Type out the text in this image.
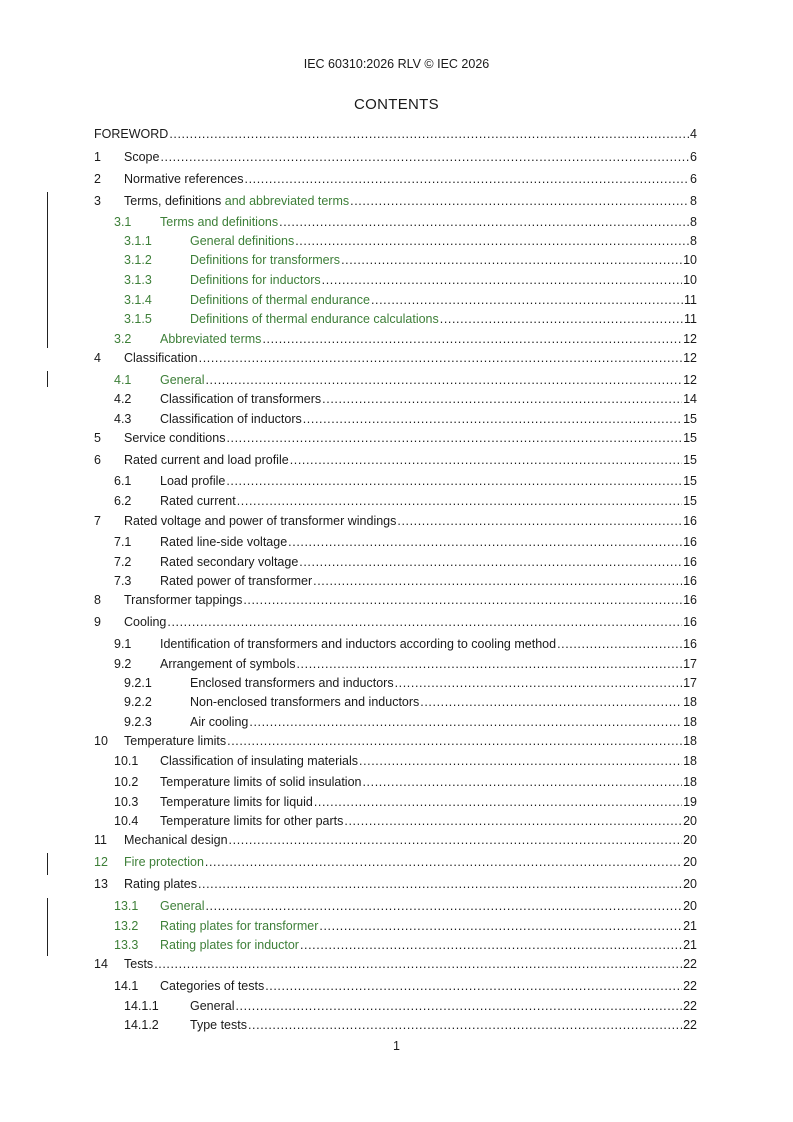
IEC 60310:2026 RLV © IEC 2026
CONTENTS
FOREWORD .....	4
1 Scope .....	6
2 Normative references .....	6
3 Terms, definitions and abbreviated terms .....	8
3.1 Terms and definitions .....	8
3.1.1	General definitions .....	8
3.1.2	Definitions for transformers .....	10
3.1.3	Definitions for inductors .....	10
3.1.4	Definitions of thermal endurance .....	11
3.1.5	Definitions of thermal endurance calculations .....	11
3.2 Abbreviated terms .....	12
4 Classification .....	12
4.1 General .....	12
4.2 Classification of transformers .....	14
4.3 Classification of inductors .....	15
5 Service conditions .....	15
6 Rated current and load profile .....	15
6.1 Load profile .....	15
6.2 Rated current .....	15
7 Rated voltage and power of transformer windings .....	16
7.1 Rated line-side voltage .....	16
7.2 Rated secondary voltage .....	16
7.3 Rated power of transformer .....	16
8 Transformer tappings .....	16
9 Cooling .....	16
9.1 Identification of transformers and inductors according to cooling method .....	16
9.2 Arrangement of symbols .....	17
9.2.1	Enclosed transformers and inductors .....	17
9.2.2	Non-enclosed transformers and inductors .....	18
9.2.3	Air cooling .....	18
10 Temperature limits .....	18
10.1 Classification of insulating materials .....	18
10.2 Temperature limits of solid insulation .....	18
10.3 Temperature limits for liquid .....	19
10.4 Temperature limits for other parts .....	20
11 Mechanical design .....	20
12 Fire protection .....	20
13 Rating plates .....	20
13.1 General .....	20
13.2 Rating plates for transformer .....	21
13.3 Rating plates for inductor .....	21
14 Tests .....	22
14.1 Categories of tests .....	22
14.1.1 General .....	22
14.1.2 Type tests .....	22
1
